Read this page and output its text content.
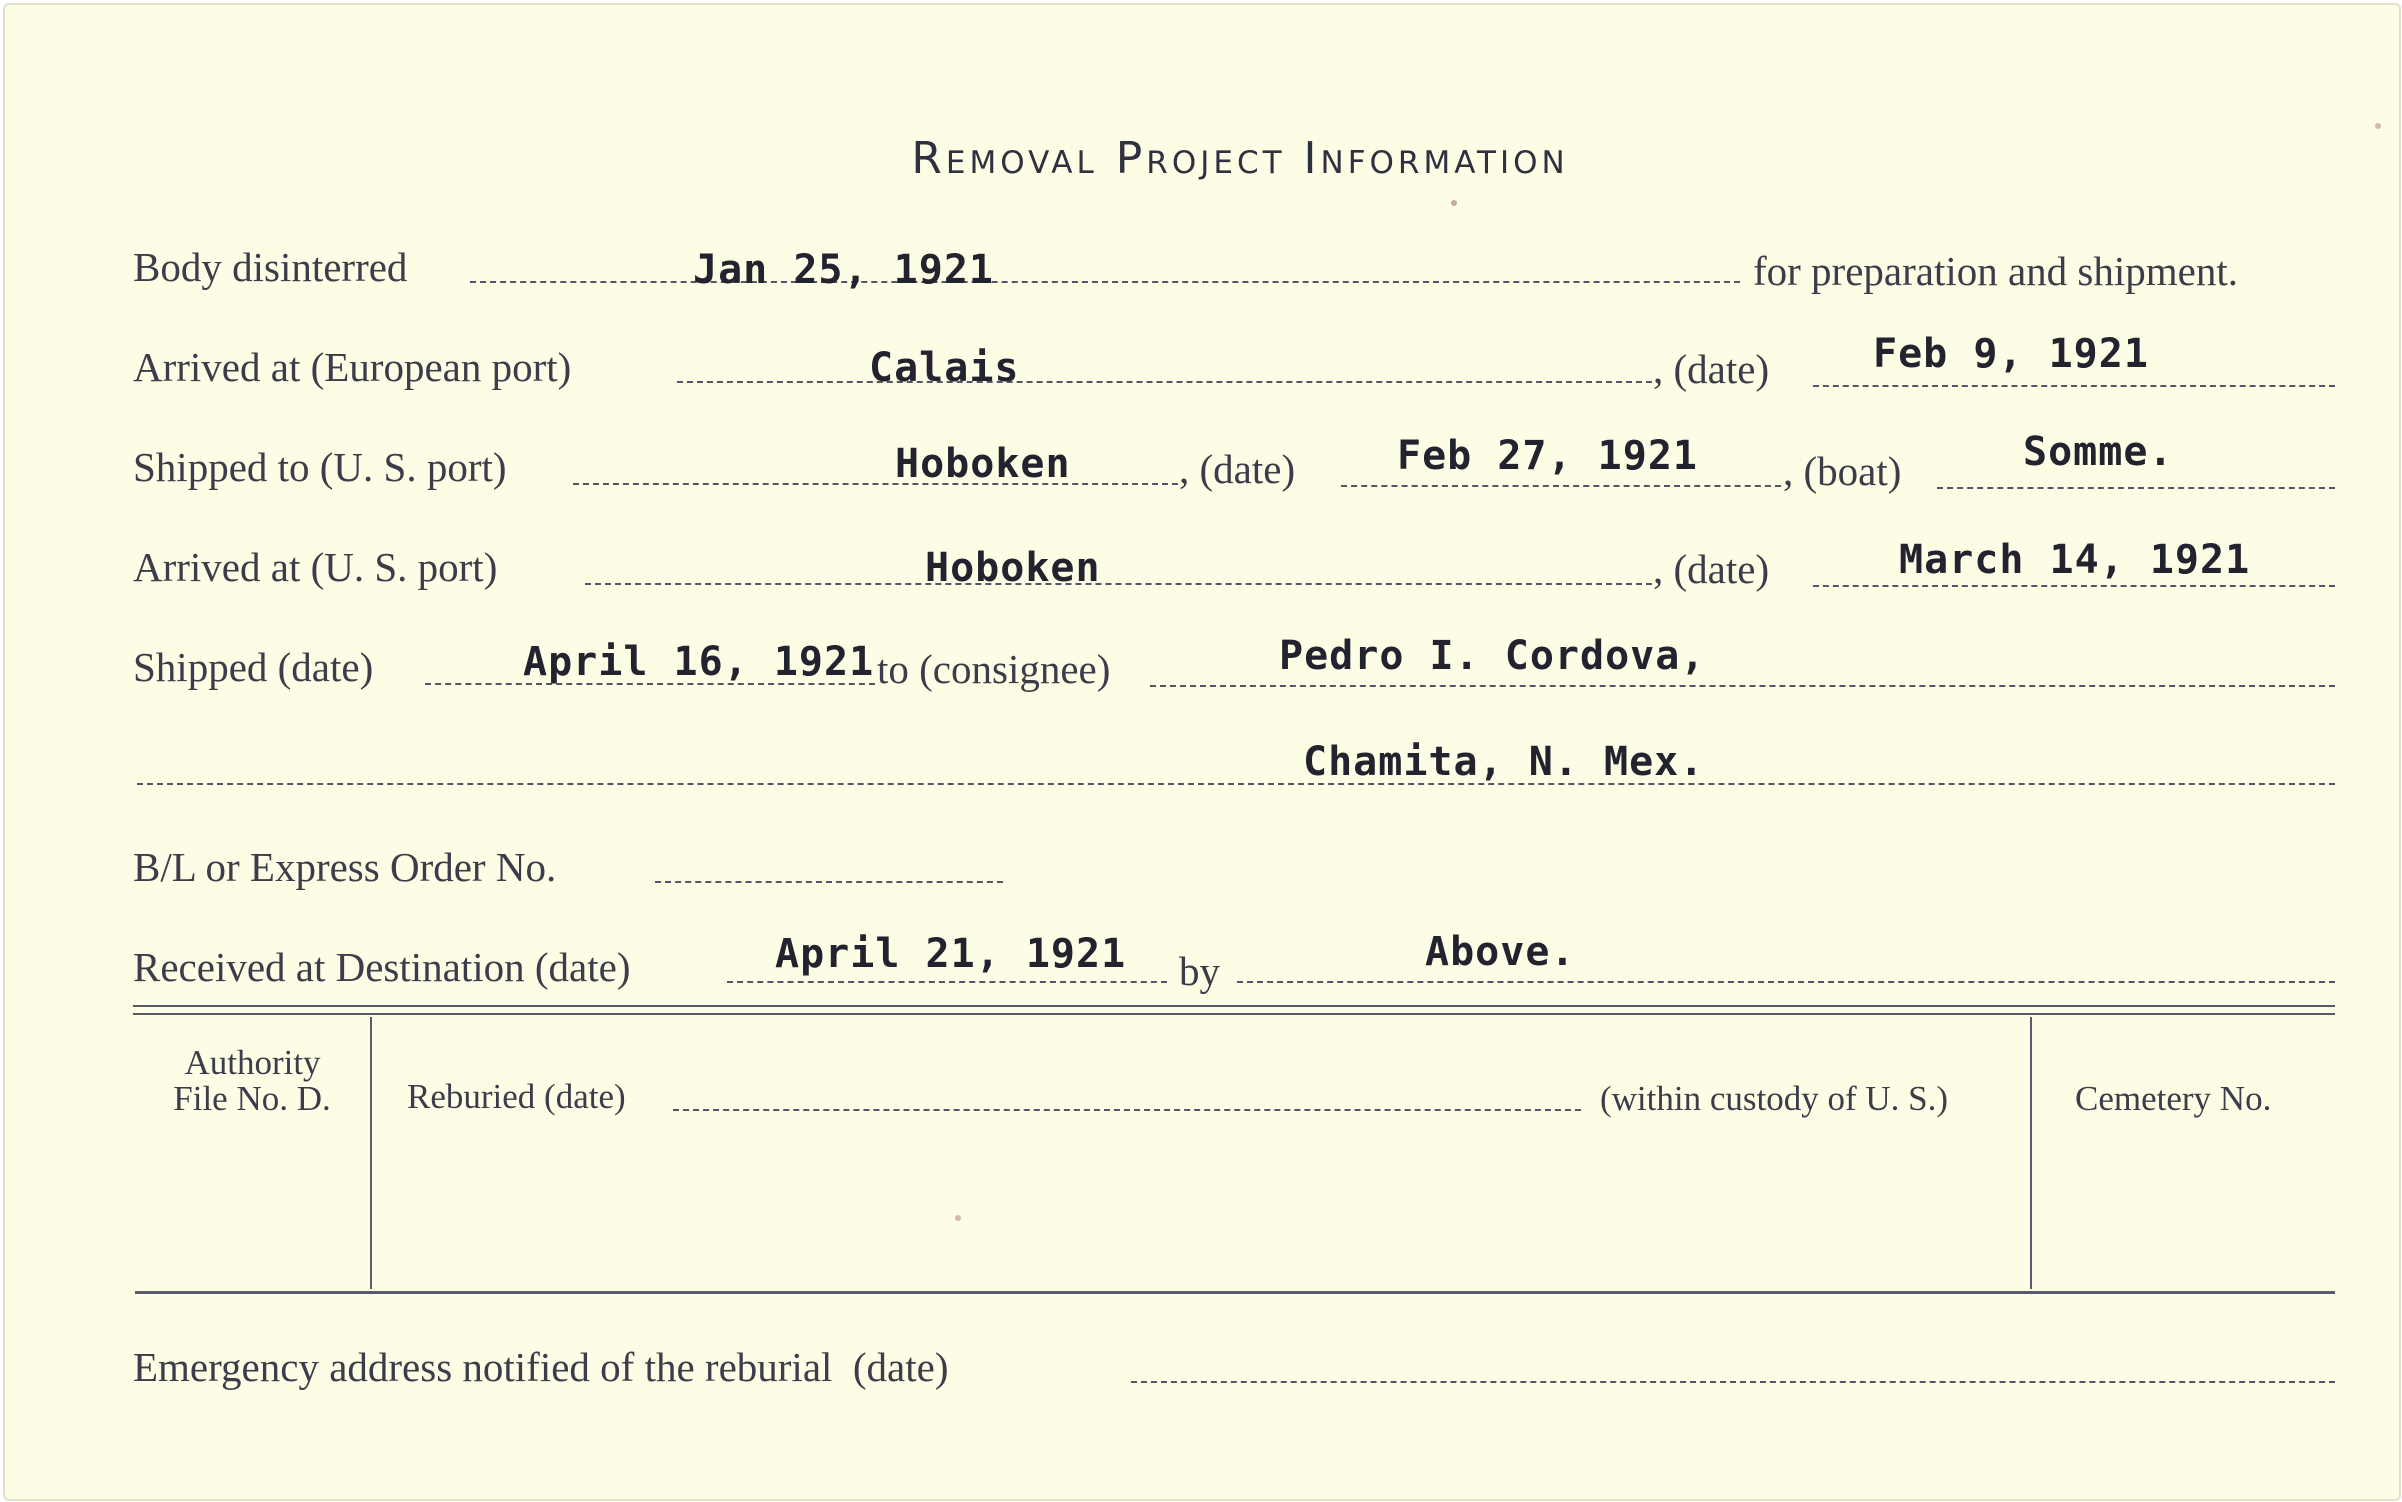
Removal Project Information
Body disinterred	Jan 25, 1921	for preparation and shipment.
Arrived at (European port)	Calais	, (date)	Feb 9, 1921
Shipped to (U. S. port)	Hoboken	, (date)	Feb 27, 1921 , (boat)	Somme.
Arrived at (U. S. port)	Hoboken	, (date)	March 14, 1921
Shipped (date)	April 16, 1921 to (consignee)	Pedro I. Cordova,
Chamita, N. Mex.
B/L or Express Order No.
Received at Destination (date)	April 21, 1921 by	Above.
Authority
File No. D.	Reburied (date)	(within custody of U. S.)	Cemetery No.
Emergency address notified of the reburial  (date)
